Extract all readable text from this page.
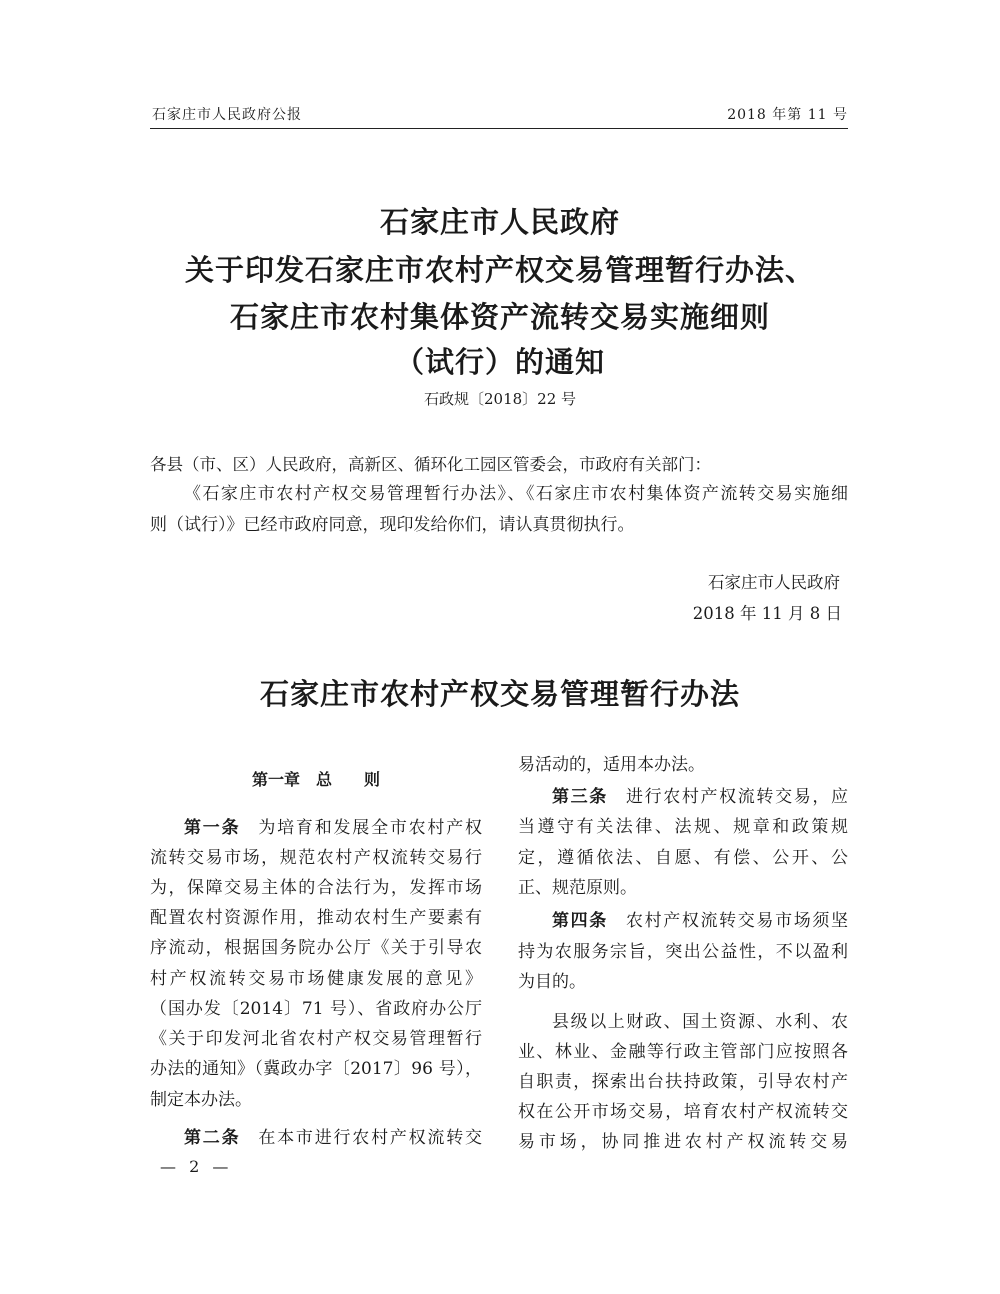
石家庄市人民政府公报	2018 年第 11 号
石家庄市人民政府
关于印发石家庄市农村产权交易管理暂行办法、
石家庄市农村集体资产流转交易实施细则
（试行）的通知
石政规〔2018〕22 号
各县（市、区）人民政府，高新区、循环化工园区管委会，市政府有关部门：
《石家庄市农村产权交易管理暂行办法》、《石家庄市农村集体资产流转交易实施细
则（试行）》已经市政府同意，现印发给你们，请认真贯彻执行。
石家庄市人民政府
2018 年 11 月 8 日
石家庄市农村产权交易管理暂行办法
第一章　总　　则
第一条 为培育和发展全市农村产权
流转交易市场，规范农村产权流转交易行
为，保障交易主体的合法行为，发挥市场
配置农村资源作用，推动农村生产要素有
序流动，根据国务院办公厅《关于引导农
村产权流转交易市场健康发展的意见》
（国办发〔2014〕71 号）、省政府办公厅
《关于印发河北省农村产权交易管理暂行
办法的通知》（冀政办字〔2017〕96 号），
制定本办法。
第二条 在本市进行农村产权流转交
易活动的，适用本办法。
第三条 进行农村产权流转交易，应
当遵守有关法律、法规、规章和政策规
定，遵循依法、自愿、有偿、公开、公
正、规范原则。
第四条 农村产权流转交易市场须坚
持为农服务宗旨，突出公益性，不以盈利
为目的。
县级以上财政、国土资源、水利、农
业、林业、金融等行政主管部门应按照各
自职责，探索出台扶持政策，引导农村产
权在公开市场交易，培育农村产权流转交
易市场，协同推进农村产权流转交易
— 2 —
